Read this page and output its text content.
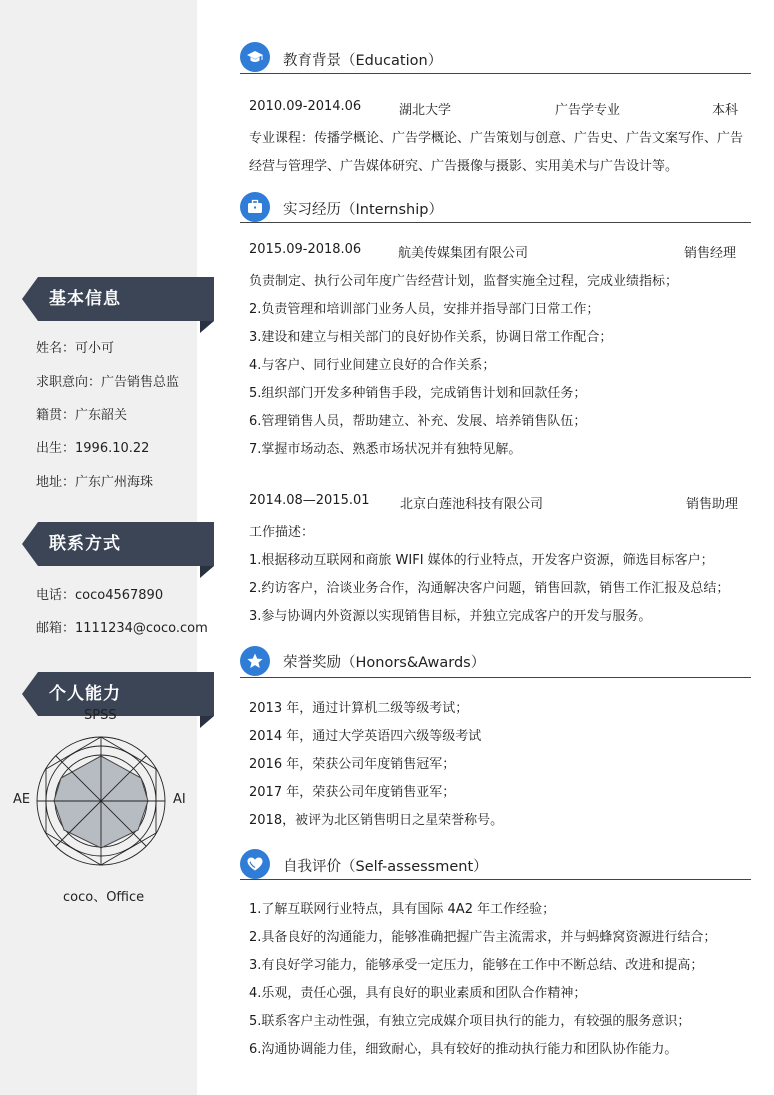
基本信息
姓名：可小可
求职意向：广告销售总监
籍贯：广东韶关
出生：1996.10.22
地址：广东广州海珠
联系方式
电话：coco4567890
邮箱：1111234@coco.com
个人能力
SPSS
AE	AI
coco、Office
教育背景（Education）
2010.09-2014.06	湖北大学	广告学专业	本科
专业课程：传播学概论、广告学概论、广告策划与创意、广告史、广告文案写作、广告
经营与管理学、广告媒体研究、广告摄像与摄影、实用美术与广告设计等。
实习经历（Internship）
2015.09-2018.06	航美传媒集团有限公司	销售经理
负责制定、执行公司年度广告经营计划，监督实施全过程，完成业绩指标；
2.负责管理和培训部门业务人员，安排并指导部门日常工作；
3.建设和建立与相关部门的良好协作关系，协调日常工作配合；
4.与客户、同行业间建立良好的合作关系；
5.组织部门开发多种销售手段，完成销售计划和回款任务；
6.管理销售人员，帮助建立、补充、发展、培养销售队伍；
7.掌握市场动态、熟悉市场状况并有独特见解。
2014.08—2015.01 北京白莲池科技有限公司	销售助理
工作描述：
1.根据移动互联网和商旅 WIFI 媒体的行业特点，开发客户资源，筛选目标客户；
2.约访客户，洽谈业务合作，沟通解决客户问题，销售回款，销售工作汇报及总结；
3.参与协调内外资源以实现销售目标，并独立完成客户的开发与服务。
荣誉奖励（Honors&Awards）
2013 年，通过计算机二级等级考试；
2014 年，通过大学英语四六级等级考试
2016 年，荣获公司年度销售冠军；
2017 年，荣获公司年度销售亚军；
2018，被评为北区销售明日之星荣誉称号。
自我评价（Self-assessment）
1.了解互联网行业特点，具有国际 4A2 年工作经验；
2.具备良好的沟通能力，能够准确把握广告主流需求，并与蚂蜂窝资源进行结合；
3.有良好学习能力，能够承受一定压力，能够在工作中不断总结、改进和提高；
4.乐观，责任心强，具有良好的职业素质和团队合作精神；
5.联系客户主动性强，有独立完成媒介项目执行的能力，有较强的服务意识；
6.沟通协调能力佳，细致耐心，具有较好的推动执行能力和团队协作能力。
